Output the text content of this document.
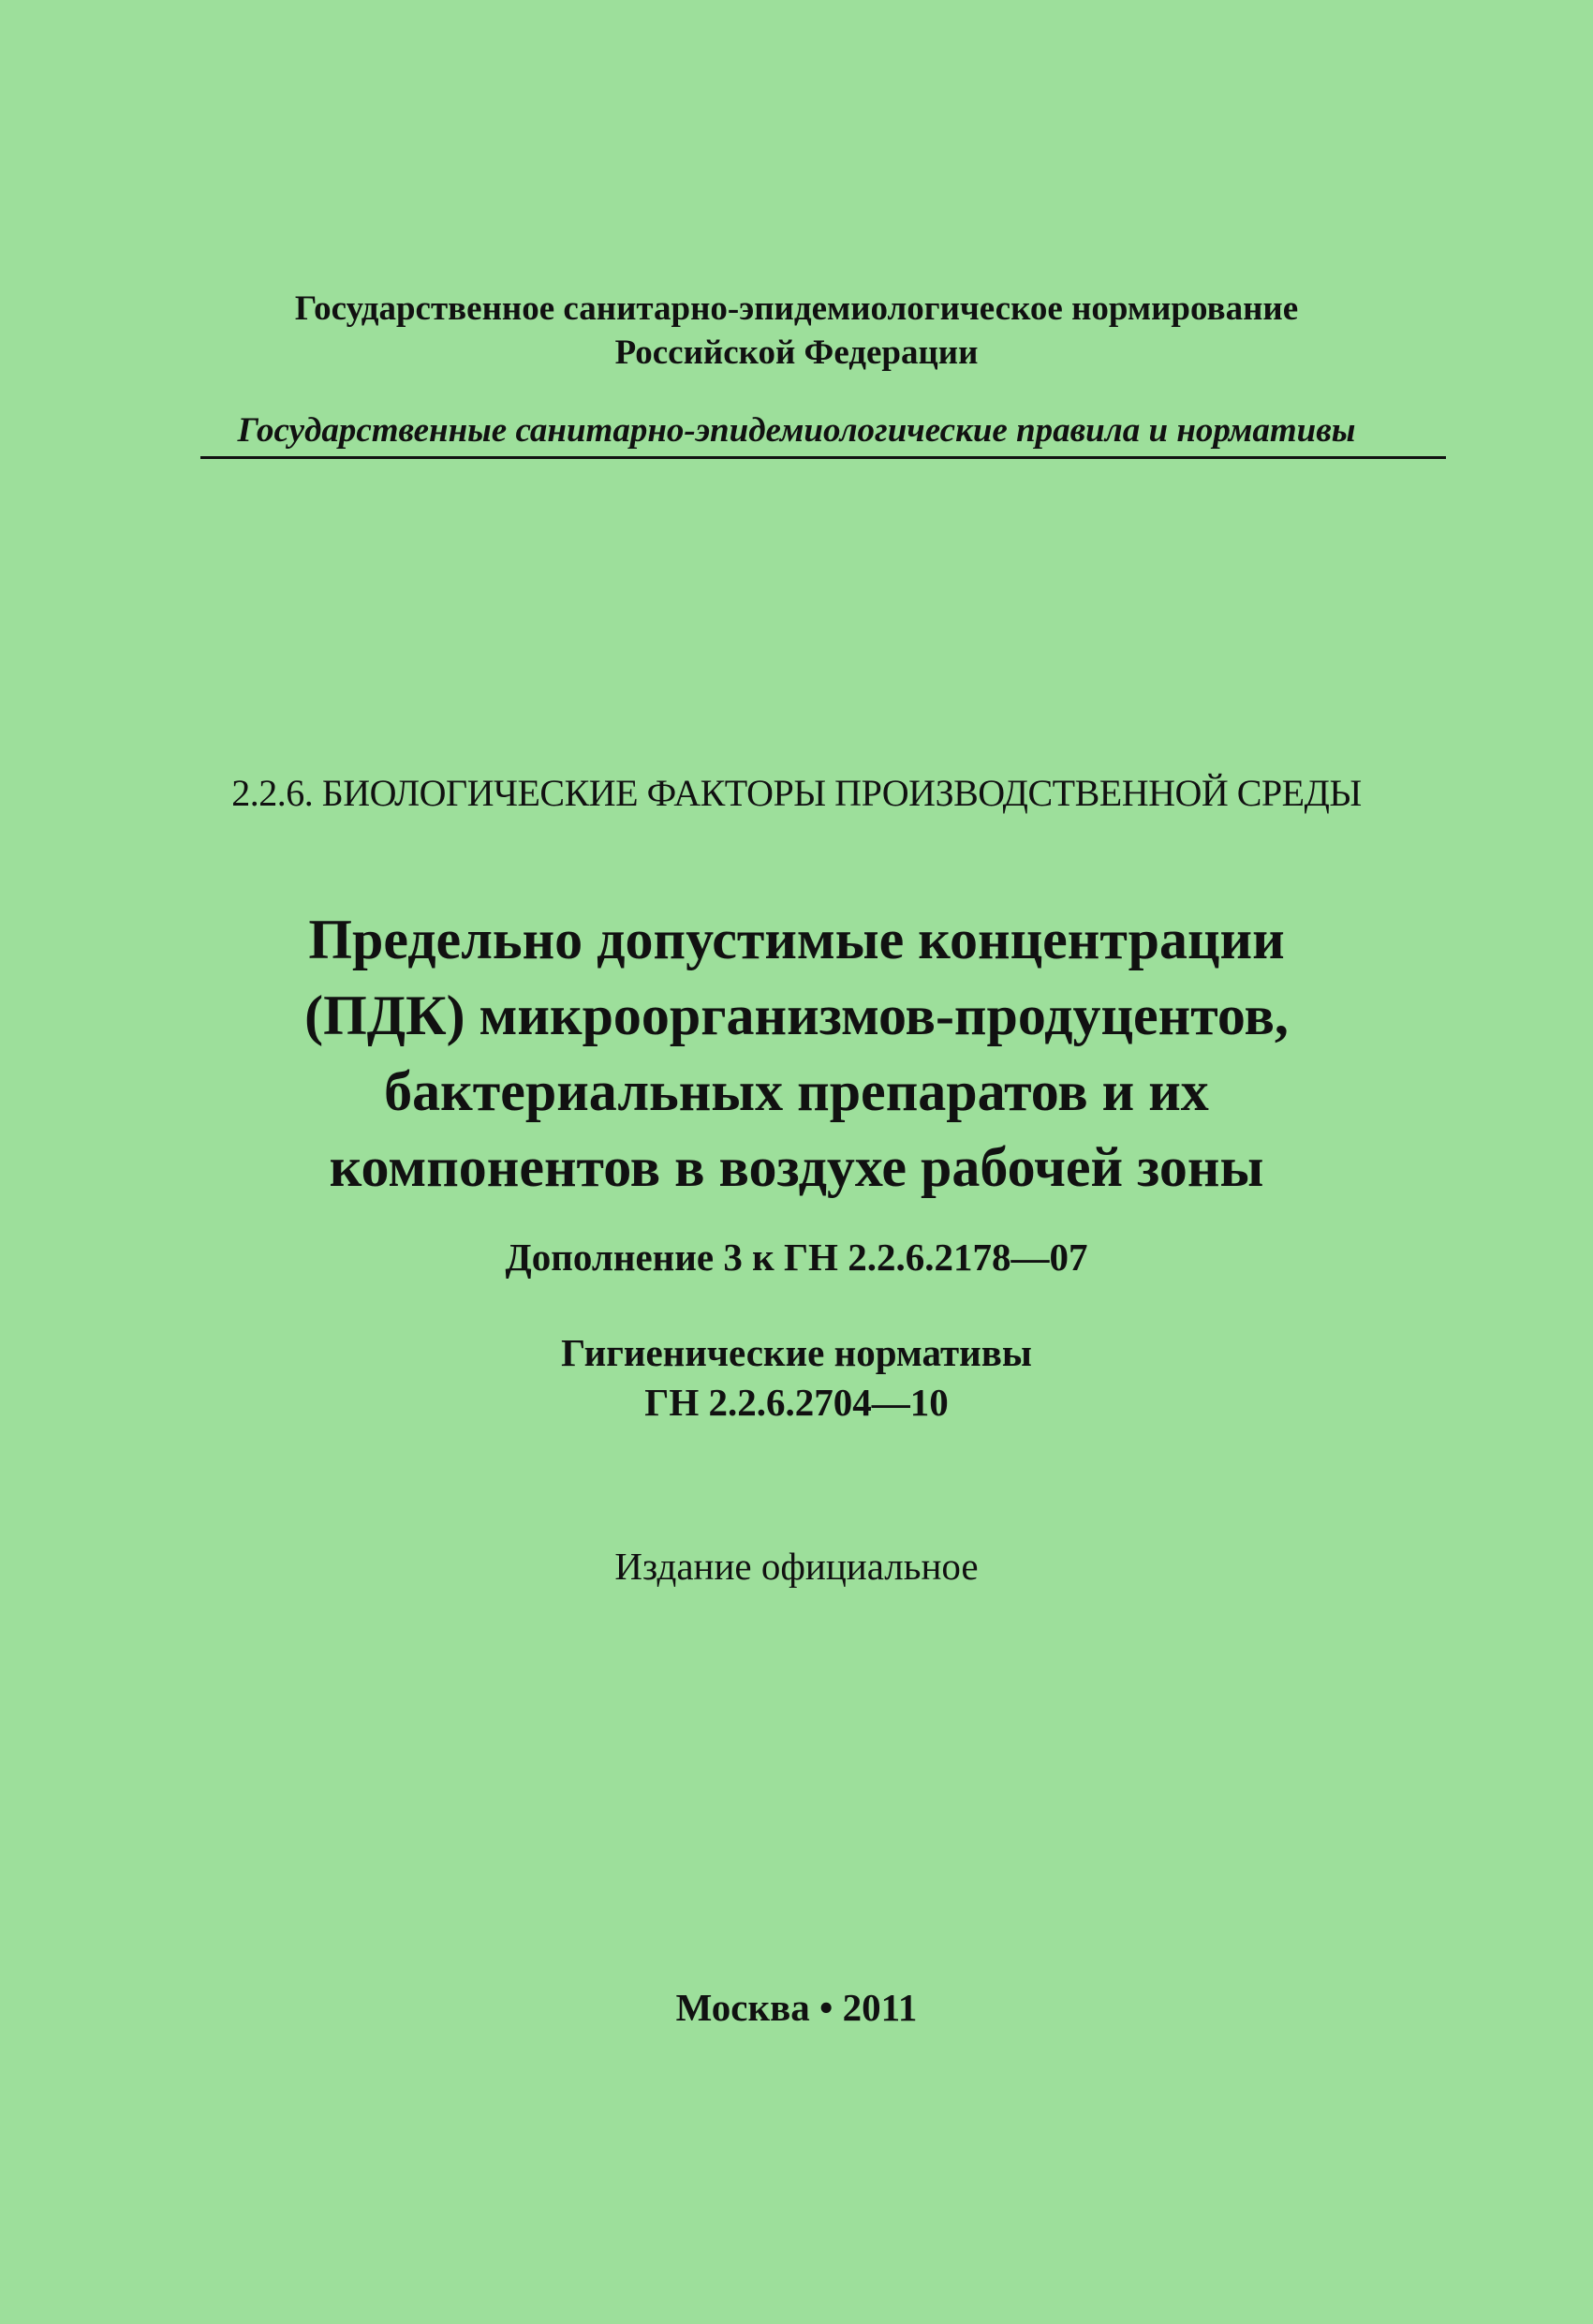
Государственное санитарно-эпидемиологическое нормирование
Российской Федерации
Государственные санитарно-эпидемиологические правила и нормативы
2.2.6. БИОЛОГИЧЕСКИЕ ФАКТОРЫ ПРОИЗВОДСТВЕННОЙ СРЕДЫ
Предельно допустимые концентрации
(ПДК) микроорганизмов-продуцентов,
бактериальных препаратов и их
компонентов в воздухе рабочей зоны
Дополнение 3 к ГН 2.2.6.2178—07
Гигиенические нормативы
ГН 2.2.6.2704—10
Издание официальное
Москва • 2011
